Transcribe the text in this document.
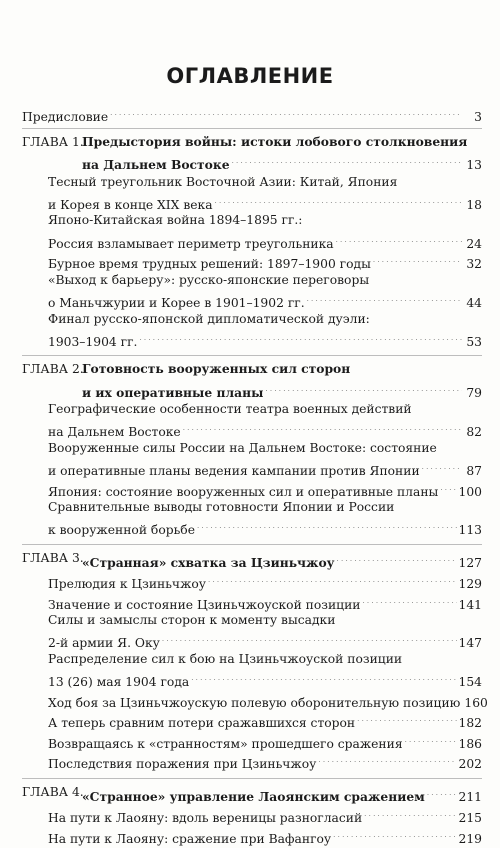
ОГЛАВЛЕНИЕ
Предисловие . . .	3
ГЛАВА 1.
Предыстория войны: истоки лобового столкновения
на Дальнем Востоке . . .	13
Тесный треугольник Восточной Азии: Китай, Япония
и Корея в конце XIX века . . .	18
Японо-Китайская война 1894–1895 гг.:
Россия взламывает периметр треугольника . . .	24
Бурное время трудных решений: 1897–1900 годы . . .	32
«Выход к барьеру»: русско-японские переговоры
о Маньчжурии и Корее в 1901–1902 гг. . . .	44
Финал русско-японской дипломатической дуэли:
1903–1904 гг. . . .	53
ГЛАВА 2.
Готовность вооруженных сил сторон
и их оперативные планы . . .	79
Географические особенности театра военных действий
на Дальнем Востоке . . .	82
Вооруженные силы России на Дальнем Востоке: состояние
и оперативные планы ведения кампании против Японии . . .	87
Япония: состояние вооруженных сил и оперативные планы . . . 100
Сравнительные выводы готовности Японии и России
к вооруженной борьбе . . .	113
ГЛАВА 3.
«Странная» схватка за Цзиньчжоу . . .	127
Прелюдия к Цзиньчжоу . . .	129
Значение и состояние Цзиньчжоуской позиции . . .	141
Силы и замыслы сторон к моменту высадки
2-й армии Я. Оку . . .	147
Распределение сил к бою на Цзиньчжоуской позиции
13 (26) мая 1904 года . . .	154
Ход боя за Цзиньчжоускую полевую оборонительную позицию 160
А теперь сравним потери сражавшихся сторон . . .	182
Возвращаясь к «странностям» прошедшего сражения . . .	186
Последствия поражения при Цзиньчжоу . . .	202
ГЛАВА 4.
«Странное» управление Лаоянским сражением . . .	211
На пути к Лаояну: вдоль вереницы разногласий . . .	215
На пути к Лаояну: сражение при Вафангоу . . .	219
